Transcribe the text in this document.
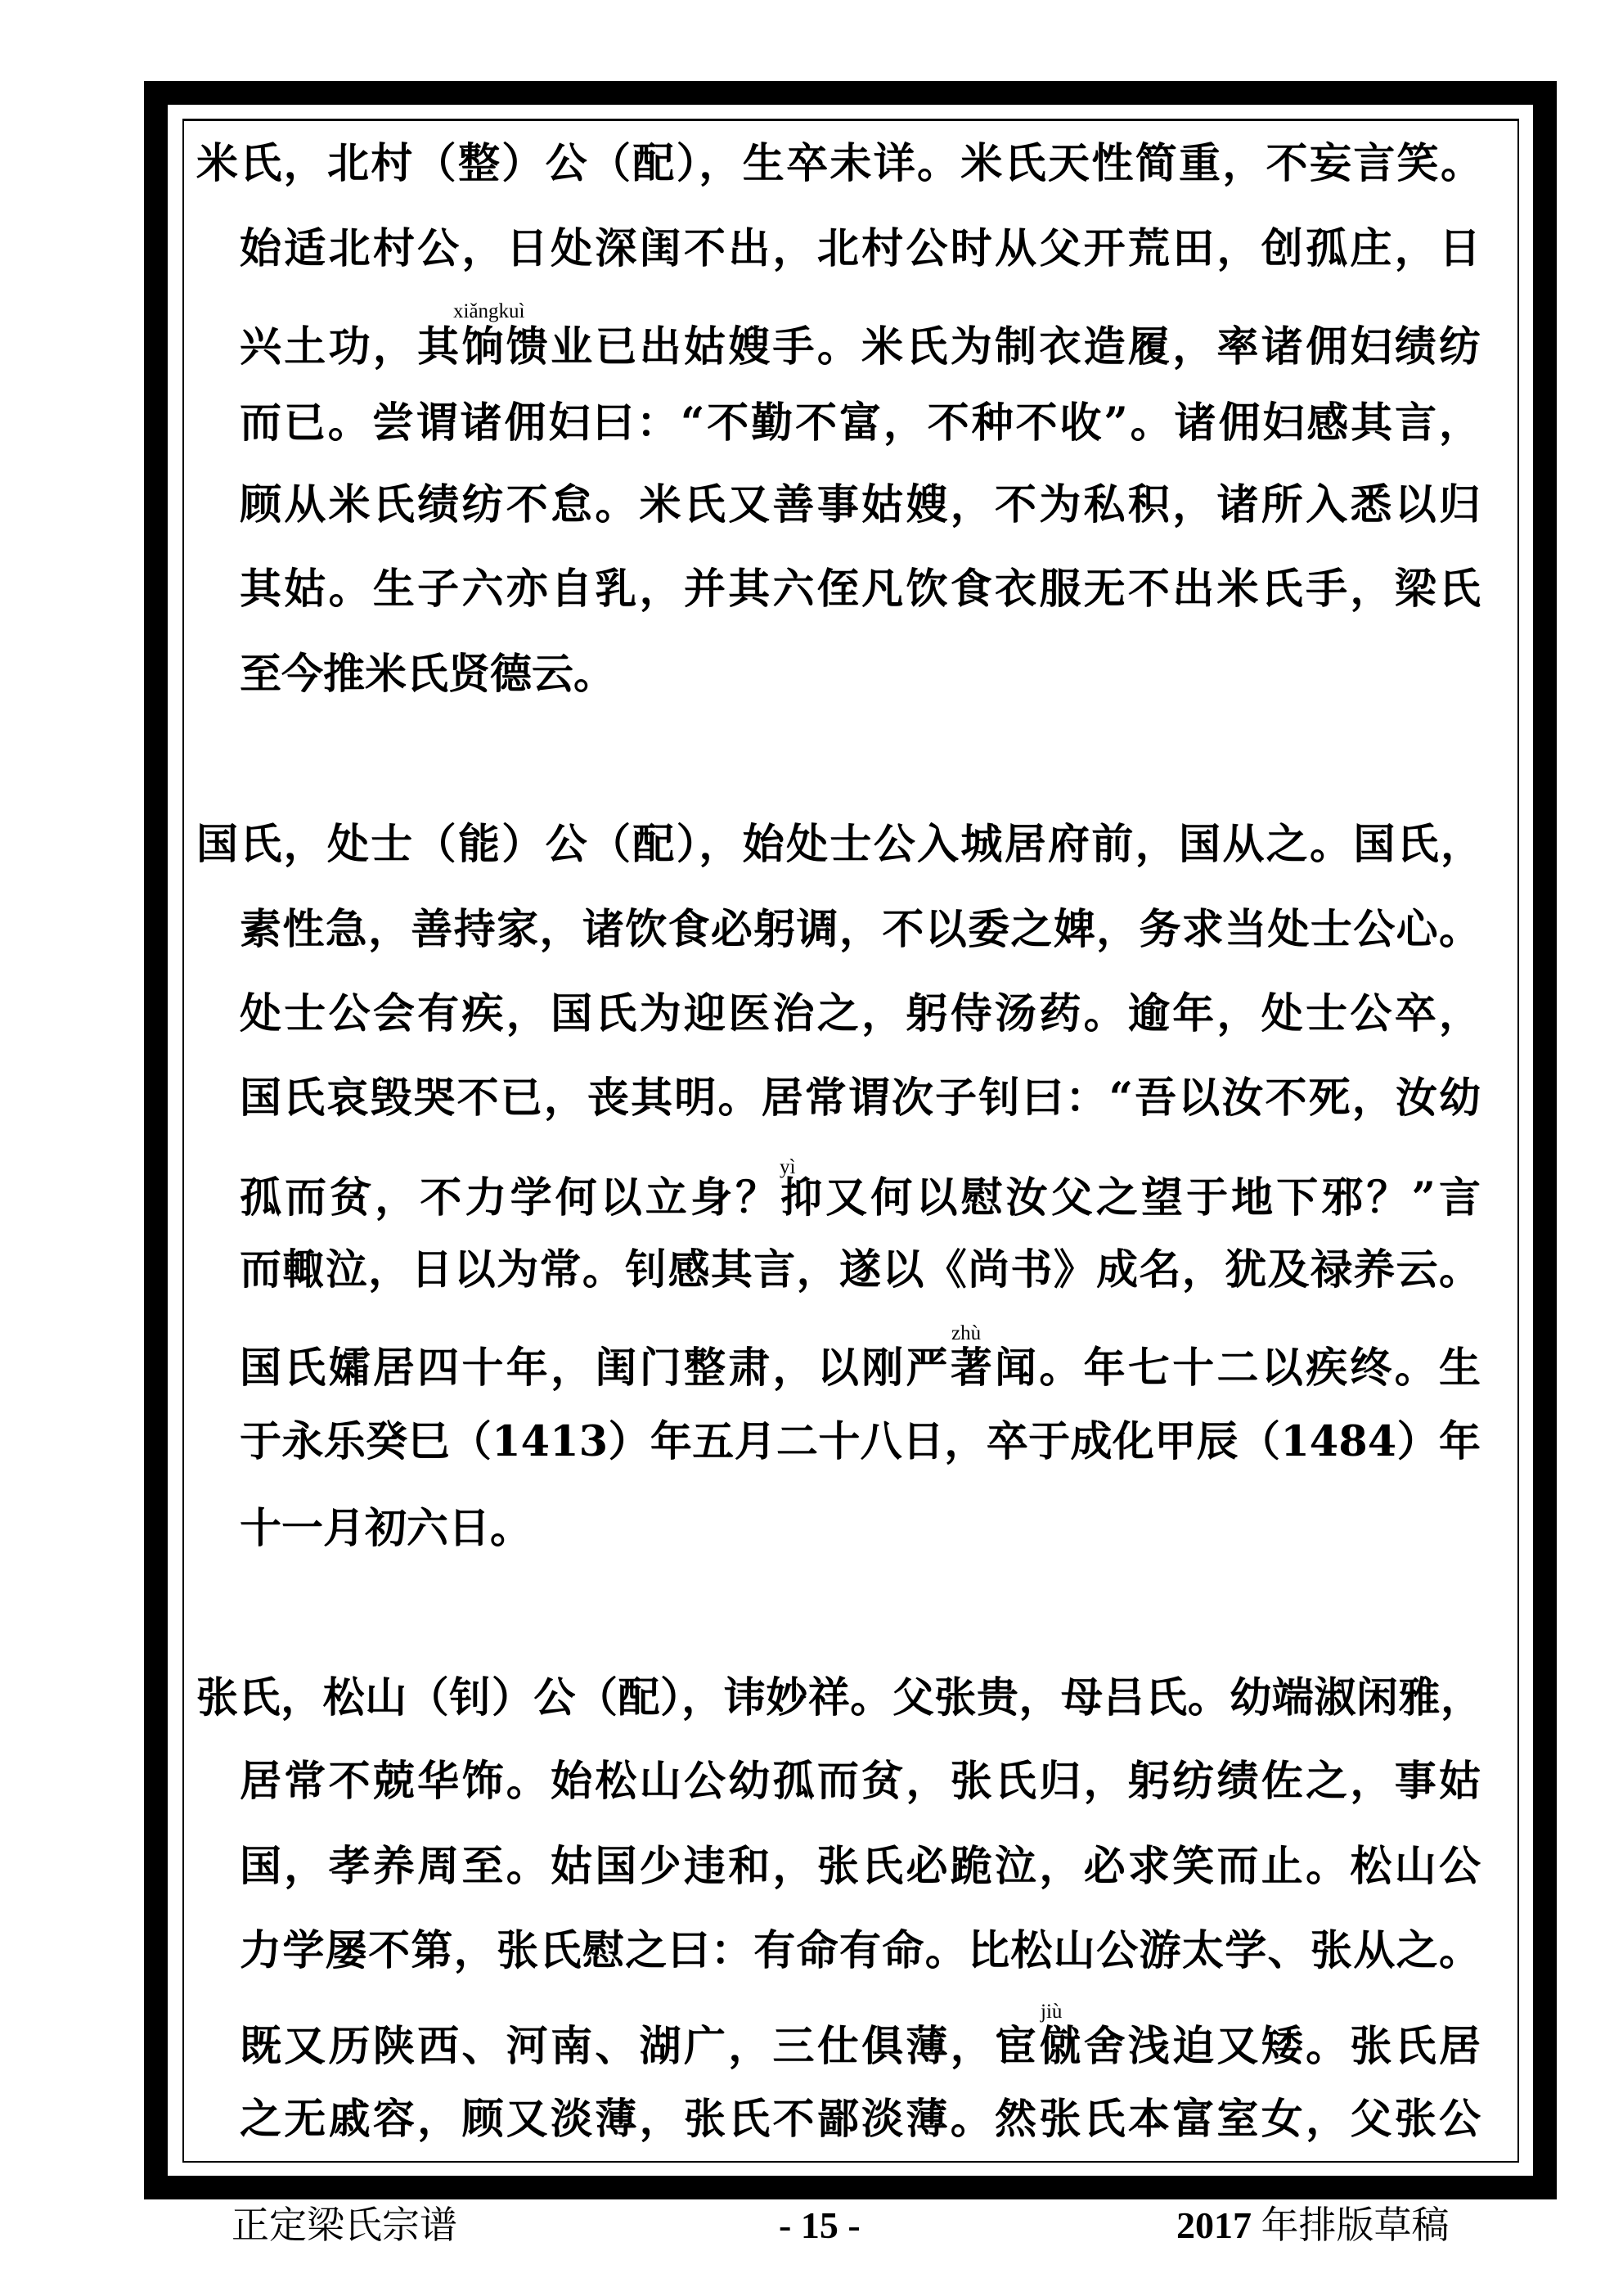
米氏，北村（整）公（配），生卒未详。米氏天性简重，不妄言笑。
始适北村公，日处深闺不出，北村公时从父开荒田，创孤庄，日
兴土功，其饷馈业已出姑嫂手。米氏为制衣造履，率诸佣妇绩纺
而已。尝谓诸佣妇曰：“不勤不富，不种不收”。诸佣妇感其言，
顾从米氏绩纺不怠。米氏又善事姑嫂，不为私积，诸所入悉以归
其姑。生子六亦自乳，并其六侄凡饮食衣服无不出米氏手，梁氏
至今推米氏贤德云。
xiǎngkuì
国氏，处士（能）公（配），始处士公入城居府前，国从之。国氏，
素性急，善持家，诸饮食必躬调，不以委之婢，务求当处士公心。
处士公会有疾，国氏为迎医治之，躬侍汤药。逾年，处士公卒，
国氏哀毁哭不已，丧其明。居常谓次子钊曰：“吾以汝不死，汝幼
孤而贫，不力学何以立身？抑又何以慰汝父之望于地下邪？”言
而輙泣，日以为常。钊感其言，遂以《尚书》成名，犹及禄养云。
国氏孀居四十年，闺门整肃，以刚严著闻。年七十二以疾终。生
于永乐癸巳（1413）年五月二十八日，卒于成化甲辰（1484）年
十一月初六日。
yì
zhù
张氏，松山（钊）公（配），讳妙祥。父张贵，母吕氏。幼端淑闲雅，
居常不兢华饰。始松山公幼孤而贫，张氏归，躬纺绩佐之，事姑
国，孝养周至。姑国少违和，张氏必跪泣，必求笑而止。松山公
力学屡不第，张氏慰之曰：有命有命。比松山公游太学、张从之。
既又历陕西、河南、湖广，三仕俱薄，宦僦舍浅迫又矮。张氏居
之无戚容，顾又淡薄，张氏不鄙淡薄。然张氏本富室女，父张公
jiù
正定梁氏宗谱	- 15 -	2017 年排版草稿
